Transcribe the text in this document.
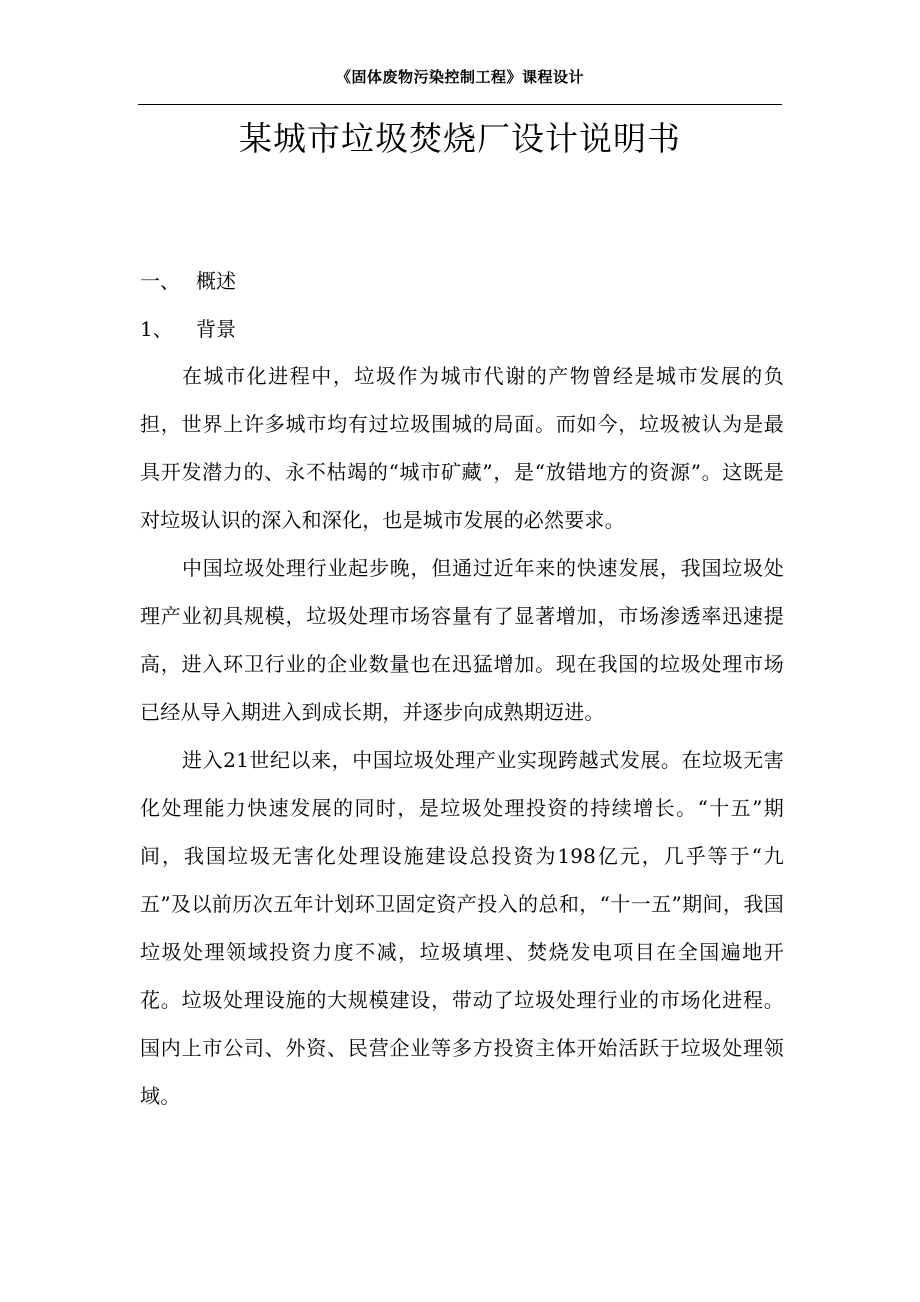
《固体废物污染控制工程》课程设计
某城市垃圾焚烧厂设计说明书
一、 概述
1、 背景

在城市化进程中，垃圾作为城市代谢的产物曾经是城市发展的负担，世界上许多城市均有过垃圾围城的局面。而如今，垃圾被认为是最具开发潜力的、永不枯竭的“城市矿藏”，是“放错地方的资源”。这既是对垃圾认识的深入和深化，也是城市发展的必然要求。

中国垃圾处理行业起步晚，但通过近年来的快速发展，我国垃圾处理产业初具规模，垃圾处理市场容量有了显著增加，市场渗透率迅速提高，进入环卫行业的企业数量也在迅猛增加。现在我国的垃圾处理市场已经从导入期进入到成长期，并逐步向成熟期迈进。

进入21世纪以来，中国垃圾处理产业实现跨越式发展。在垃圾无害化处理能力快速发展的同时，是垃圾处理投资的持续增长。“十五”期间，我国垃圾无害化处理设施建设总投资为198亿元，几乎等于“九五”及以前历次五年计划环卫固定资产投入的总和，“十一五”期间，我国垃圾处理领域投资力度不减，垃圾填埋、焚烧发电项目在全国遍地开花。垃圾处理设施的大规模建设，带动了垃圾处理行业的市场化进程。国内上市公司、外资、民营企业等多方投资主体开始活跃于垃圾处理领域。
